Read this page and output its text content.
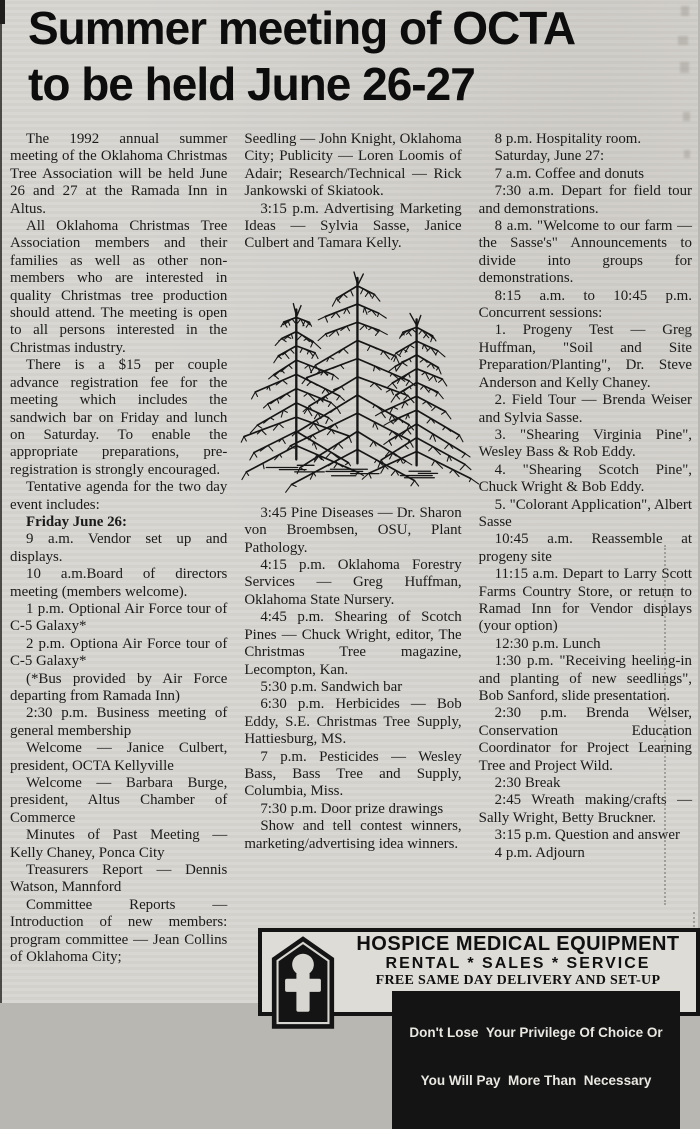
Summer meeting of OCTA
to be held June 26-27

The 1992 annual summer meeting of the Oklahoma Christmas Tree Association will be held June 26 and 27 at the Ramada Inn in Altus.

All Oklahoma Christmas Tree Association members and their families as well as other non-members who are interested in quality Christmas tree production should attend. The meeting is open to all persons interested in the Christmas industry.

There is a $15 per couple advance registration fee for the meeting which includes the sandwich bar on Friday and lunch on Saturday. To enable the appropriate preparations, pre-registration is strongly encouraged.

Tentative agenda for the two day event includes:

Friday June 26:

9 a.m. Vendor set up and displays.

10 a.m.Board of directors meeting (members welcome).

1 p.m. Optional Air Force tour of C-5 Galaxy*

2 p.m. Optiona Air Force tour of C-5 Galaxy*

(*Bus provided by Air Force departing from Ramada Inn)

2:30 p.m. Business meeting of general membership

Welcome — Janice Culbert, president, OCTA Kellyville

Welcome — Barbara Burge, president, Altus Chamber of Commerce

Minutes of Past Meeting — Kelly Chaney, Ponca City

Treasurers Report — Dennis Watson, Mannford

Committee Reports — Introduction of new members: program committee — Jean Collins of Oklahoma City;

Seedling — John Knight, Oklahoma City; Publicity — Loren Loomis of Adair; Research/Technical — Rick Jankowski of Skiatook.

3:15 p.m. Advertising Marketing Ideas — Sylvia Sasse, Janice Culbert and Tamara Kelly.

3:45 Pine Diseases — Dr. Sharon von Broembsen, OSU, Plant Pathology.

4:15 p.m. Oklahoma Forestry Services — Greg Huffman, Oklahoma State Nursery.

4:45 p.m. Shearing of Scotch Pines — Chuck Wright, editor, The Christmas Tree magazine, Lecompton, Kan.

5:30 p.m. Sandwich bar

6:30 p.m. Herbicides — Bob Eddy, S.E. Christmas Tree Supply, Hattiesburg, MS.

7 p.m. Pesticides — Wesley Bass, Bass Tree and Supply, Columbia, Miss.

7:30 p.m. Door prize drawings

Show and tell contest winners, marketing/advertising idea winners.

8 p.m. Hospitality room.

Saturday, June 27:

7 a.m. Coffee and donuts

7:30 a.m. Depart for field tour and demonstrations.

8 a.m. "Welcome to our farm — the Sasse's" Announcements to divide into groups for demonstrations.

8:15 a.m. to 10:45 p.m. Concurrent sessions:

1. Progeny Test — Greg Huffman, "Soil and Site Preparation/Planting", Dr. Steve Anderson and Kelly Chaney.

2. Field Tour — Brenda Weiser and Sylvia Sasse.

3. "Shearing Virginia Pine", Wesley Bass & Rob Eddy.

4. "Shearing Scotch Pine", Chuck Wright & Bob Eddy.

5. "Colorant Application", Albert Sasse

10:45 a.m. Reassemble at progeny site

11:15 a.m. Depart to Larry Scott Farms Country Store, or return to Ramad Inn for Vendor displays (your option)

12:30 p.m. Lunch

1:30 p.m. "Receiving heeling-in and planting of new seedlings", Bob Sanford, slide presentation.

2:30 p.m. Brenda Welser, Conservation Education Coordinator for Project Learning Tree and Project Wild.

2:30 Break

2:45 Wreath making/crafts — Sally Wright, Betty Bruckner.

3:15 p.m. Question and answer

4 p.m. Adjourn

HOSPICE MEDICAL EQUIPMENT
RENTAL * SALES * SERVICE
FREE SAME DAY DELIVERY AND SET-UP

Don't Lose  Your Privilege Of Choice Or

You Will Pay  More Than  Necessary
